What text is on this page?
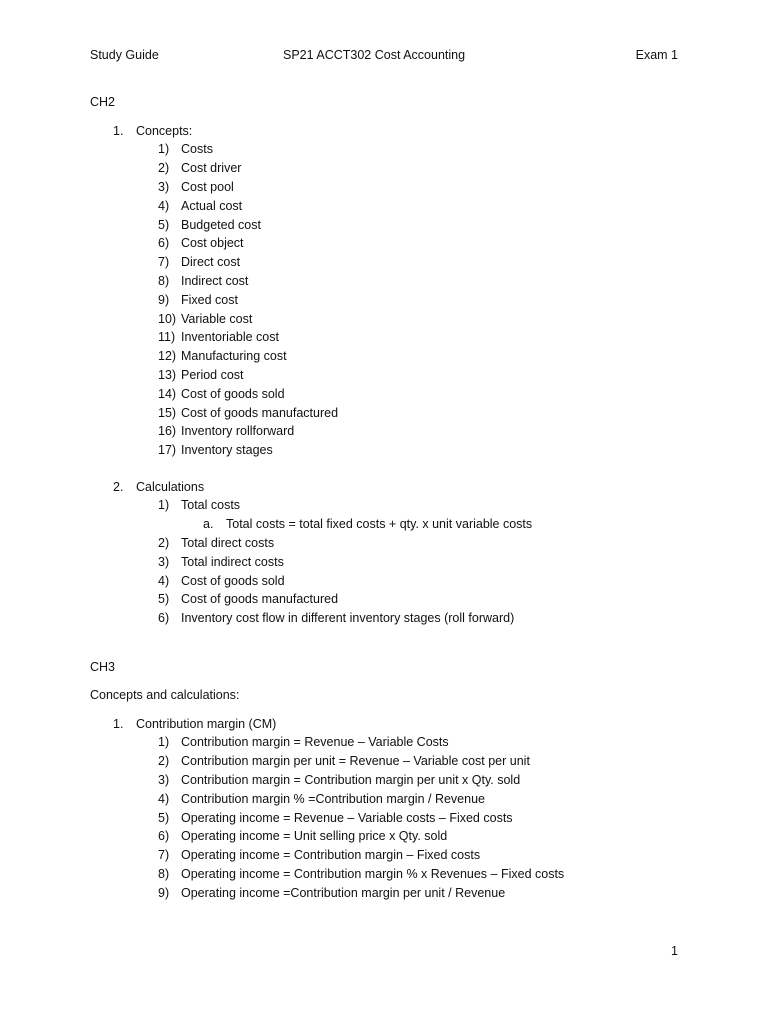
Study Guide	SP21 ACCT302 Cost Accounting	Exam 1
CH2
1. Concepts:
1) Costs
2) Cost driver
3) Cost pool
4) Actual cost
5) Budgeted cost
6) Cost object
7) Direct cost
8) Indirect cost
9) Fixed cost
10) Variable cost
11) Inventoriable cost
12) Manufacturing cost
13) Period cost
14) Cost of goods sold
15) Cost of goods manufactured
16) Inventory rollforward
17) Inventory stages
2. Calculations
1) Total costs
a. Total costs = total fixed costs + qty. x unit variable costs
2) Total direct costs
3) Total indirect costs
4) Cost of goods sold
5) Cost of goods manufactured
6) Inventory cost flow in different inventory stages (roll forward)
CH3
Concepts and calculations:
1. Contribution margin (CM)
1) Contribution margin = Revenue – Variable Costs
2) Contribution margin per unit = Revenue – Variable cost per unit
3) Contribution margin = Contribution margin per unit x Qty. sold
4) Contribution margin % =Contribution margin / Revenue
5) Operating income = Revenue – Variable costs – Fixed costs
6) Operating income = Unit selling price x Qty. sold
7) Operating income = Contribution margin – Fixed costs
8) Operating income = Contribution margin % x Revenues – Fixed costs
9) Operating income =Contribution margin per unit / Revenue
1
